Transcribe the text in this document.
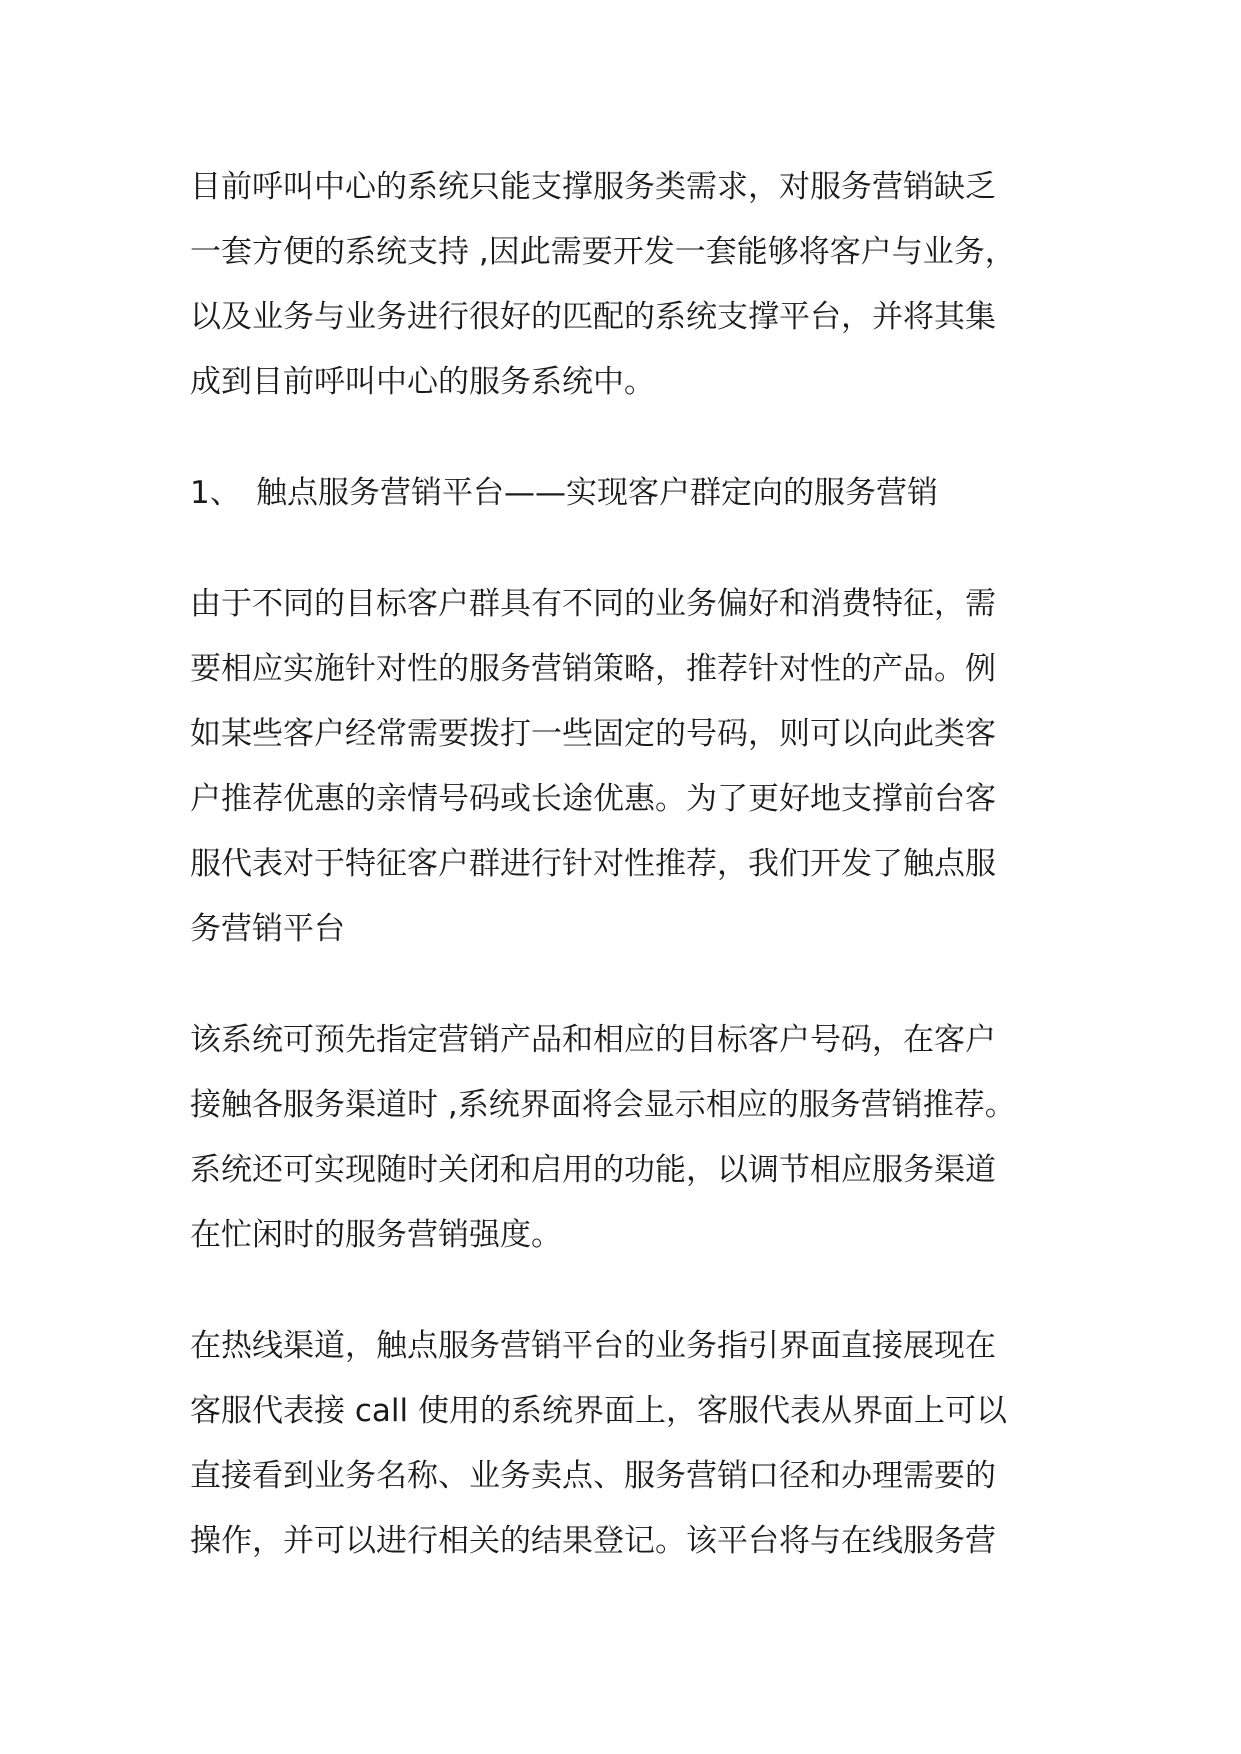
目前呼叫中心的系统只能支撑服务类需求，对服务营销缺乏
一套方便的系统支持 ,因此需要开发一套能够将客户与业务，
以及业务与业务进行很好的匹配的系统支撑平台，并将其集
成到目前呼叫中心的服务系统中。
1、 触点服务营销平台——实现客户群定向的服务营销
由于不同的目标客户群具有不同的业务偏好和消费特征，需
要相应实施针对性的服务营销策略，推荐针对性的产品。例
如某些客户经常需要拨打一些固定的号码，则可以向此类客
户推荐优惠的亲情号码或长途优惠。为了更好地支撑前台客
服代表对于特征客户群进行针对性推荐，我们开发了触点服
务营销平台
该系统可预先指定营销产品和相应的目标客户号码，在客户
接触各服务渠道时 ,系统界面将会显示相应的服务营销推荐。
系统还可实现随时关闭和启用的功能，以调节相应服务渠道
在忙闲时的服务营销强度。
在热线渠道，触点服务营销平台的业务指引界面直接展现在
客服代表接 call 使用的系统界面上，客服代表从界面上可以
直接看到业务名称、业务卖点、服务营销口径和办理需要的
操作，并可以进行相关的结果登记。该平台将与在线服务营
